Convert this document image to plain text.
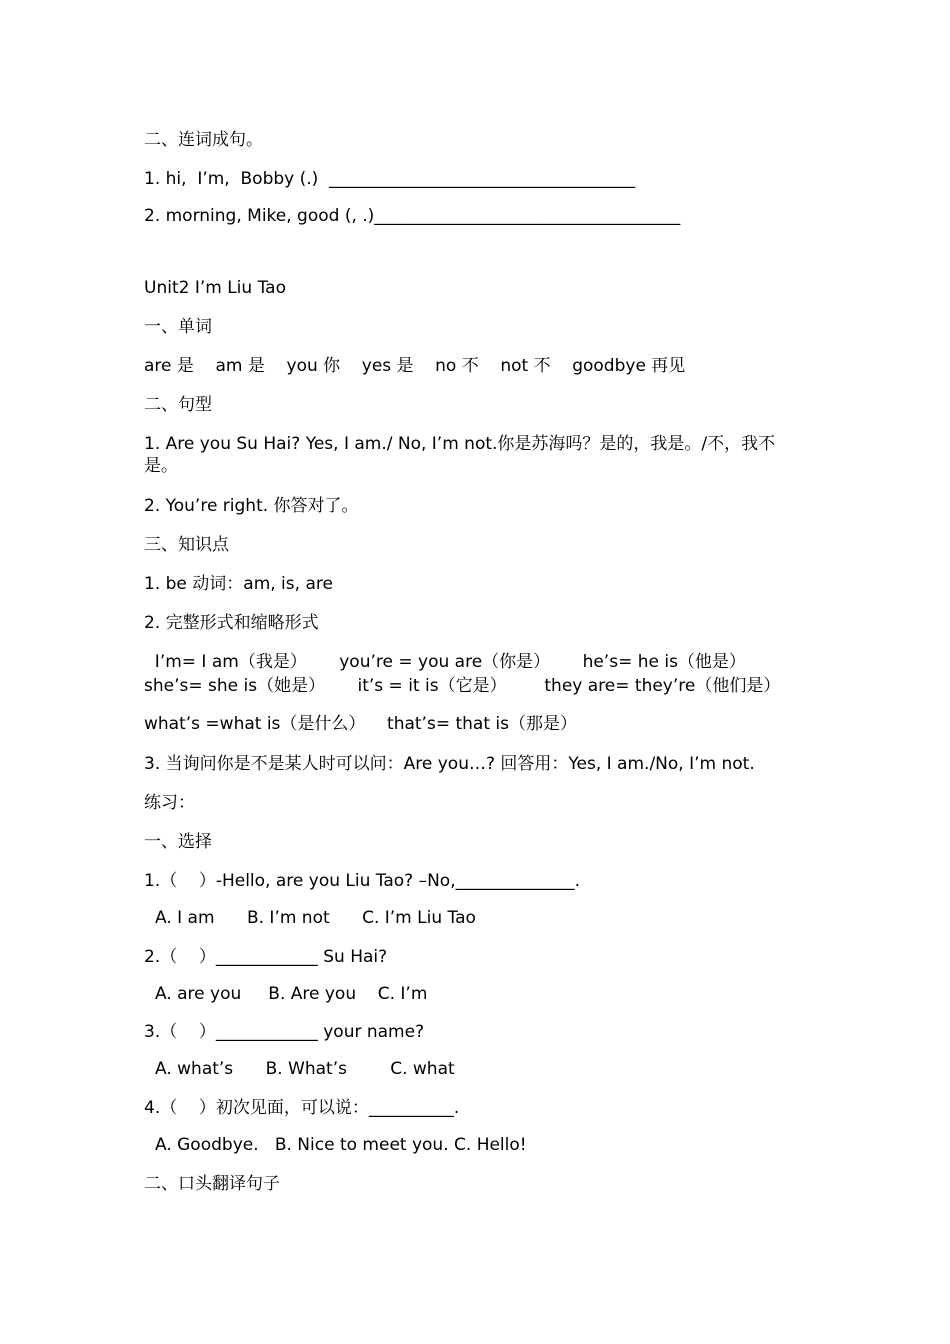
二、连词成句。
1. hi,  I’m,  Bobby (.)  ____________________________________
2. morning, Mike, good (, .)____________________________________
Unit2 I’m Liu Tao
一、单词
are 是    am 是    you 你    yes 是    no 不    not 不    goodbye 再见
二、句型
1. Are you Su Hai? Yes, I am./ No, I’m not.你是苏海吗？是的，我是。/不，我不是。
2. You’re right. 你答对了。
三、知识点
1. be 动词：am, is, are
2. 完整形式和缩略形式
I’m= I am（我是）      you’re = you are（你是）      he’s= he is（他是）
she’s= she is（她是）      it’s = it is（它是）       they are= they’re（他们是）
what’s =what is（是什么）    that’s= that is（那是）
3. 当询问你是不是某人时可以问：Are you…? 回答用：Yes, I am./No, I’m not.
练习：
一、选择
1.（    ）-Hello, are you Liu Tao? –No,______________.
A. I am      B. I’m not      C. I’m Liu Tao
2.（    ）____________ Su Hai?
A. are you     B. Are you    C. I’m
3.（    ）____________ your name?
A. what’s      B. What’s        C. what
4.（    ）初次见面，可以说：__________.
A. Goodbye.   B. Nice to meet you. C. Hello!
二、口头翻译句子
